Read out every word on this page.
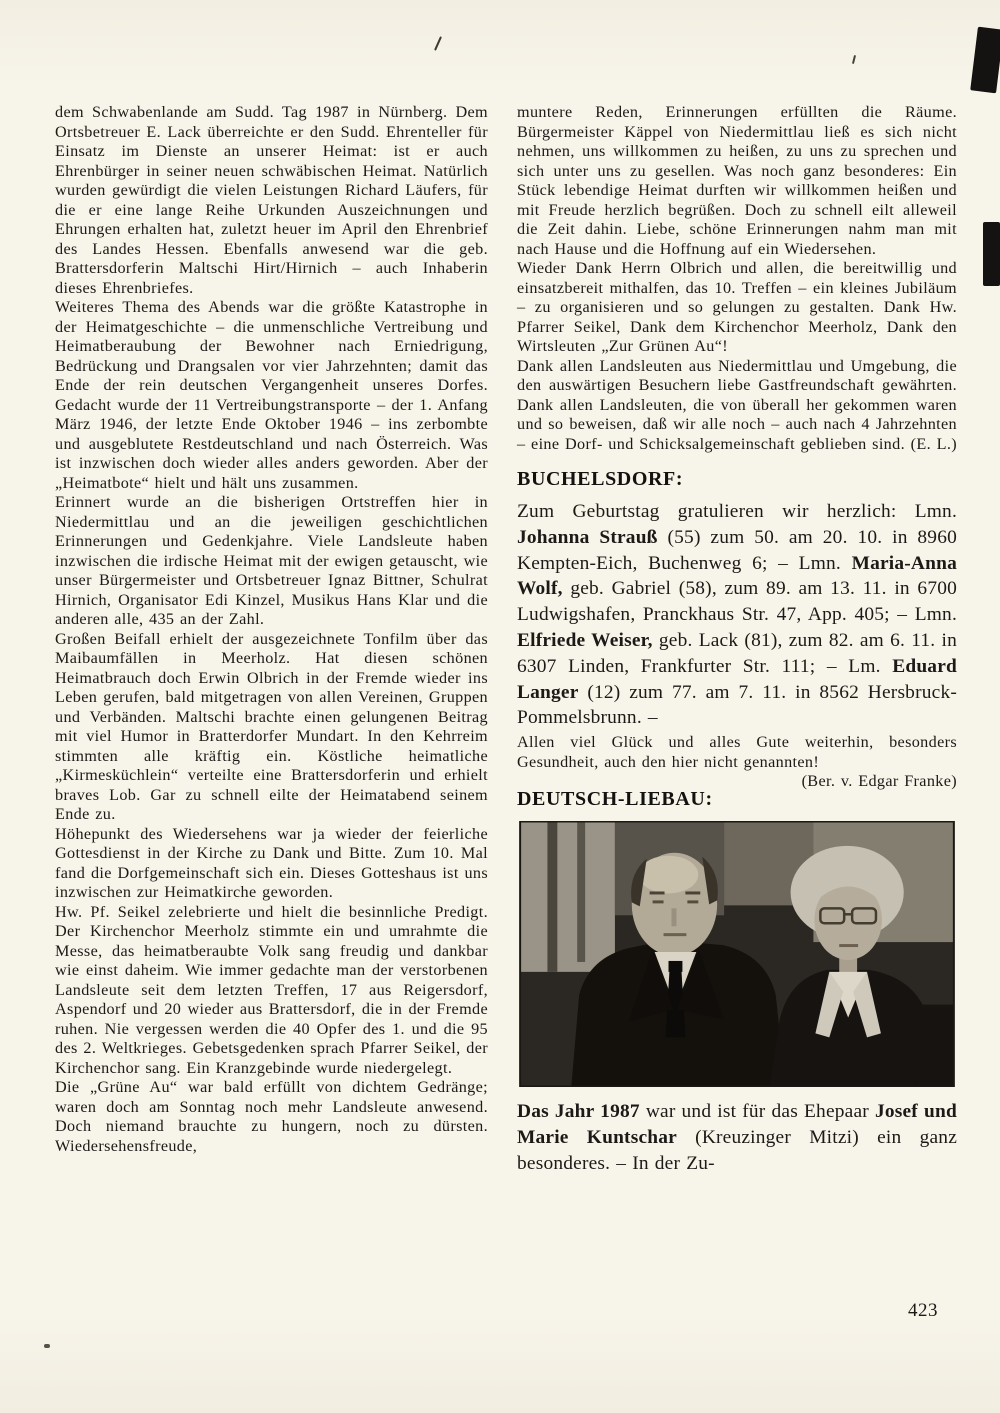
dem Schwabenlande am Sudd. Tag 1987 in Nürnberg. Dem Ortsbetreuer E. Lack überreichte er den Sudd. Ehrenteller für Einsatz im Dienste an unserer Heimat: ist er auch Ehrenbürger in seiner neuen schwäbischen Heimat. Natürlich wurden gewürdigt die vielen Leistungen Richard Läufers, für die er eine lange Reihe Urkunden Auszeichnungen und Ehrungen erhalten hat, zuletzt heuer im April den Ehrenbrief des Landes Hessen. Ebenfalls anwesend war die geb. Brattersdorferin Maltschi Hirt/Hirnich – auch Inhaberin dieses Ehrenbriefes.

Weiteres Thema des Abends war die größte Katastrophe in der Heimatgeschichte – die unmenschliche Vertreibung und Heimatberaubung der Bewohner nach Erniedrigung, Bedrückung und Drangsalen vor vier Jahrzehnten; damit das Ende der rein deutschen Vergangenheit unseres Dorfes. Gedacht wurde der 11 Vertreibungstransporte – der 1. Anfang März 1946, der letzte Ende Oktober 1946 – ins zerbombte und ausgeblutete Restdeutschland und nach Österreich. Was ist inzwischen doch wieder alles anders geworden. Aber der „Heimatbote“ hielt und hält uns zusammen.

Erinnert wurde an die bisherigen Ortstreffen hier in Niedermittlau und an die jeweiligen geschichtlichen Erinnerungen und Gedenkjahre. Viele Landsleute haben inzwischen die irdische Heimat mit der ewigen getauscht, wie unser Bürgermeister und Ortsbetreuer Ignaz Bittner, Schulrat Hirnich, Organisator Edi Kinzel, Musikus Hans Klar und die anderen alle, 435 an der Zahl.

Großen Beifall erhielt der ausgezeichnete Tonfilm über das Maibaumfällen in Meerholz. Hat diesen schönen Heimatbrauch doch Erwin Olbrich in der Fremde wieder ins Leben gerufen, bald mitgetragen von allen Vereinen, Gruppen und Verbänden. Maltschi brachte einen gelungenen Beitrag mit viel Humor in Bratterdorfer Mundart. In den Kehrreim stimmten alle kräftig ein. Köstliche heimatliche „Kirmesküchlein“ verteilte eine Brattersdorferin und erhielt braves Lob. Gar zu schnell eilte der Heimatabend seinem Ende zu.

Höhepunkt des Wiedersehens war ja wieder der feierliche Gottesdienst in der Kirche zu Dank und Bitte. Zum 10. Mal fand die Dorfgemeinschaft sich ein. Dieses Gotteshaus ist uns inzwischen zur Heimatkirche geworden.

Hw. Pf. Seikel zelebrierte und hielt die besinnliche Predigt. Der Kirchenchor Meerholz stimmte ein und umrahmte die Messe, das heimatberaubte Volk sang freudig und dankbar wie einst daheim. Wie immer gedachte man der verstorbenen Landsleute seit dem letzten Treffen, 17 aus Reigersdorf, Aspendorf und 20 wieder aus Brattersdorf, die in der Fremde ruhen. Nie vergessen werden die 40 Opfer des 1. und die 95 des 2. Weltkrieges. Gebetsgedenken sprach Pfarrer Seikel, der Kirchenchor sang. Ein Kranzgebinde wurde niedergelegt.

Die „Grüne Au“ war bald erfüllt von dichtem Gedränge; waren doch am Sonntag noch mehr Landsleute anwesend. Doch niemand brauchte zu hungern, noch zu dürsten. Wiedersehensfreude,

muntere Reden, Erinnerungen erfüllten die Räume. Bürgermeister Käppel von Niedermittlau ließ es sich nicht nehmen, uns willkommen zu heißen, zu uns zu sprechen und sich unter uns zu gesellen. Was noch ganz besonderes: Ein Stück lebendige Heimat durften wir willkommen heißen und mit Freude herzlich begrüßen. Doch zu schnell eilt alleweil die Zeit dahin. Liebe, schöne Erinnerungen nahm man mit nach Hause und die Hoffnung auf ein Wiedersehen.

Wieder Dank Herrn Olbrich und allen, die bereitwillig und einsatzbereit mithalfen, das 10. Treffen – ein kleines Jubiläum – zu organisieren und so gelungen zu gestalten. Dank Hw. Pfarrer Seikel, Dank dem Kirchenchor Meerholz, Dank den Wirtsleuten „Zur Grünen Au“!

Dank allen Landsleuten aus Niedermittlau und Umgebung, die den auswärtigen Besuchern liebe Gastfreundschaft gewährten. Dank allen Landsleuten, die von überall her gekommen waren und so beweisen, daß wir alle noch – auch nach 4 Jahrzehnten – eine Dorf- und Schicksalgemeinschaft geblieben sind. (E. L.)

BUCHELSDORF:

Zum Geburtstag gratulieren wir herzlich: Lmn. Johanna Strauß (55) zum 50. am 20. 10. in 8960 Kempten-Eich, Buchenweg 6; – Lmn. Maria-Anna Wolf, geb. Gabriel (58), zum 89. am 13. 11. in 6700 Ludwigshafen, Pranckhaus Str. 47, App. 405; – Lmn. Elfriede Weiser, geb. Lack (81), zum 82. am 6. 11. in 6307 Linden, Frankfurter Str. 111; – Lm. Eduard Langer (12) zum 77. am 7. 11. in 8562 Hersbruck-Pommelsbrunn. –

Allen viel Glück und alles Gute weiterhin, besonders Gesundheit, auch den hier nicht genannten!
(Ber. v. Edgar Franke)

DEUTSCH-LIEBAU:

Das Jahr 1987 war und ist für das Ehepaar Josef und Marie Kuntschar (Kreuzinger Mitzi) ein ganz besonderes. – In der Zu-

423
